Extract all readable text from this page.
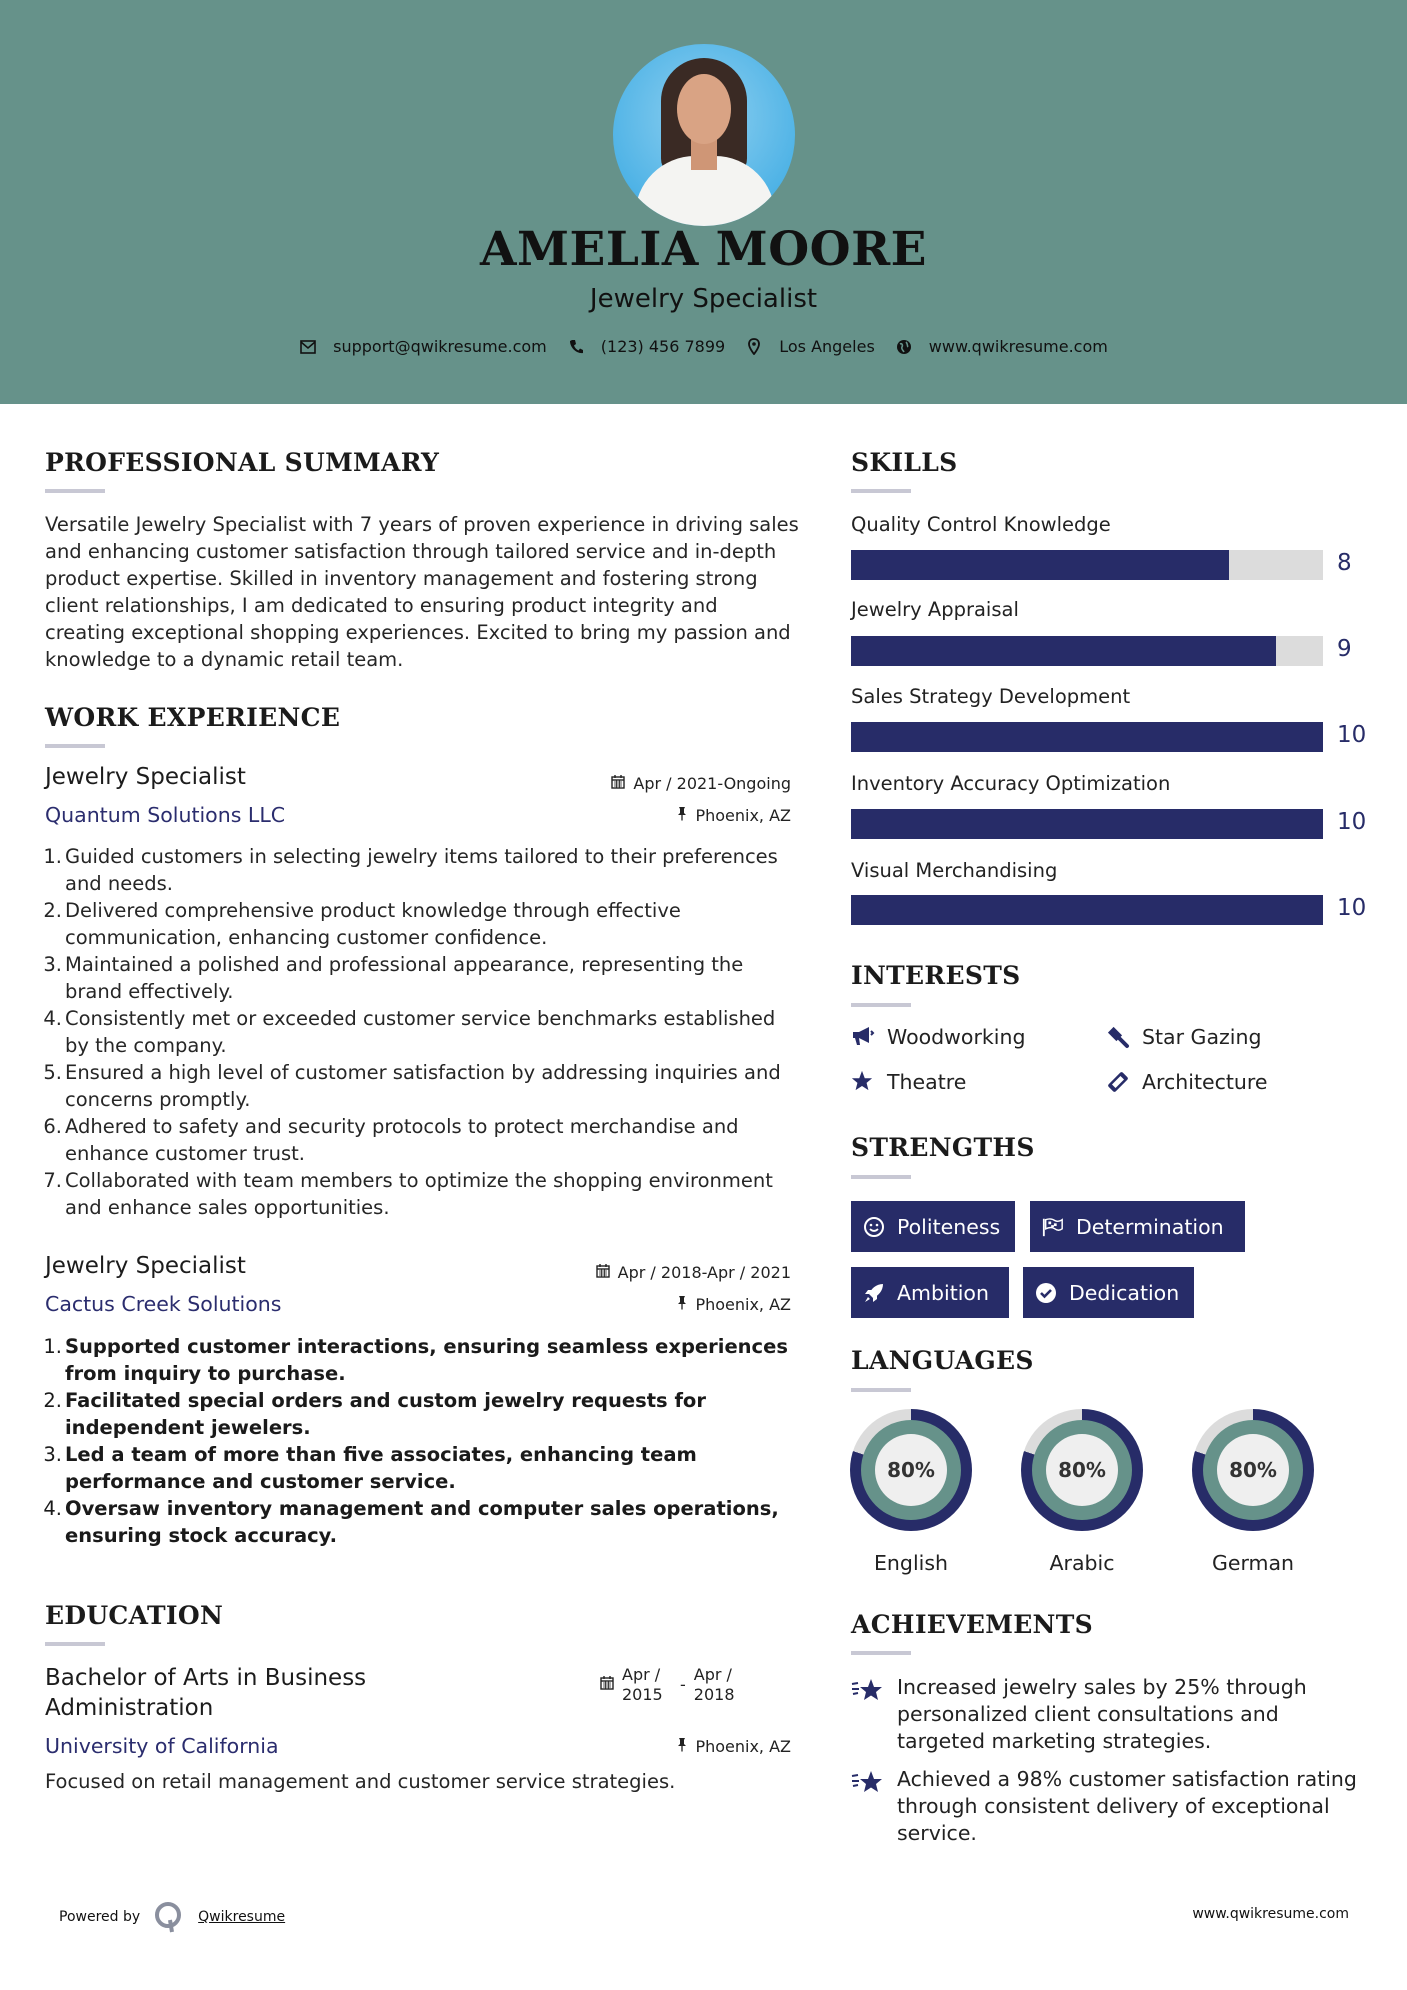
AMELIA MOORE
Jewelry Specialist
support@qwikresume.com	(123) 456 7899	Los Angeles	www.qwikresume.com
PROFESSIONAL SUMMARY
Versatile Jewelry Specialist with 7 years of proven experience in driving sales and enhancing customer satisfaction through tailored service and in-depth product expertise. Skilled in inventory management and fostering strong client relationships, I am dedicated to ensuring product integrity and creating exceptional shopping experiences. Excited to bring my passion and knowledge to a dynamic retail team.
WORK EXPERIENCE
Jewelry Specialist
Quantum Solutions LLC
Apr / 2021-Ongoing
Phoenix, AZ
1. Guided customers in selecting jewelry items tailored to their preferences and needs.
2. Delivered comprehensive product knowledge through effective communication, enhancing customer confidence.
3. Maintained a polished and professional appearance, representing the brand effectively.
4. Consistently met or exceeded customer service benchmarks established by the company.
5. Ensured a high level of customer satisfaction by addressing inquiries and concerns promptly.
6. Adhered to safety and security protocols to protect merchandise and enhance customer trust.
7. Collaborated with team members to optimize the shopping environment and enhance sales opportunities.
Jewelry Specialist
Cactus Creek Solutions
Apr / 2018-Apr / 2021
Phoenix, AZ
1. Supported customer interactions, ensuring seamless experiences from inquiry to purchase.
2. Facilitated special orders and custom jewelry requests for independent jewelers.
3. Led a team of more than five associates, enhancing team performance and customer service.
4. Oversaw inventory management and computer sales operations, ensuring stock accuracy.
EDUCATION
Bachelor of Arts in Business Administration
Apr / 2015
-
Apr / 2018
University of California	Phoenix, AZ
Focused on retail management and customer service strategies.
SKILLS
Quality Control Knowledge
8
Jewelry Appraisal
9
Sales Strategy Development
10
Inventory Accuracy Optimization
10
Visual Merchandising
10
INTERESTS
Woodworking	Star Gazing
Theatre	Architecture
STRENGTHS
Politeness	Determination
Ambition	Dedication
LANGUAGES
80%
English
80%
Arabic
80%
German
ACHIEVEMENTS
Increased jewelry sales by 25% through personalized client consultations and targeted marketing strategies.
Achieved a 98% customer satisfaction rating through consistent delivery of exceptional service.
Powered by	Qwikresume	www.qwikresume.com
